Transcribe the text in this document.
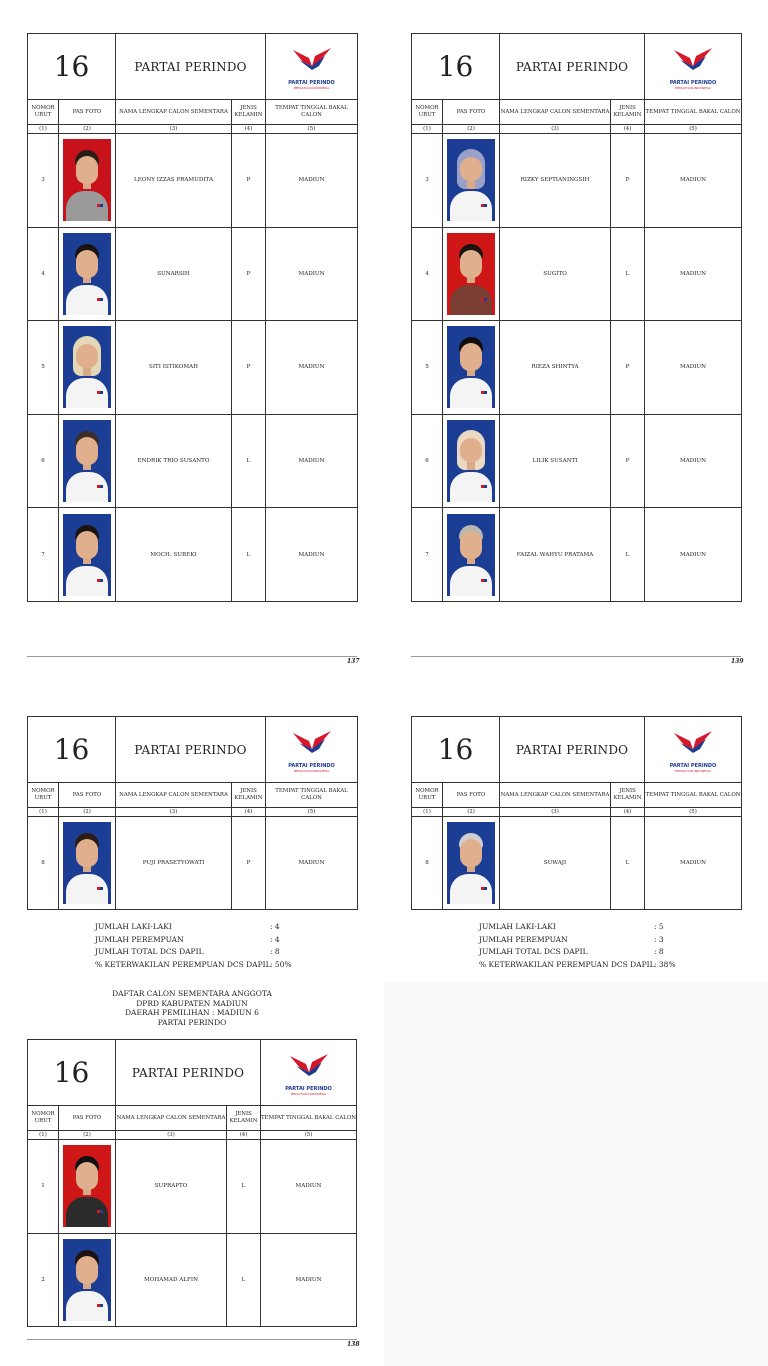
16		PARTAI PERINDO		PARTAI PERINDO
PERSATUAN INDONESIA

NOMOR URUT	PAS FOTO	NAMA LENGKAP CALON SEMENTARA	JENIS KELAMIN	TEMPAT TINGGAL BAKAL CALON
(1)	(2)	(3)	(4)	(5)
3		LEONY IZZAS PRAMUDITA	P	MADIUN
4		SUNARSIH	P	MADIUN
5		SITI ISTIKOMAH	P	MADIUN
6		ENDRIK TRIO SUSANTO	L	MADIUN
7		MOCH. SUBEKI	L	MADIUN
137
16		PARTAI PERINDO		PARTAI PERINDO
PERSATUAN INDONESIA

NOMOR URUT	PAS FOTO	NAMA LENGKAP CALON SEMENTARA	JENIS KELAMIN	TEMPAT TINGGAL BAKAL CALON
(1)	(2)	(3)	(4)	(5)
3		RIZKY SEPTIANINGSIH	P	MADIUN
4		SUGITO	L	MADIUN
5		RIEZA SHINTYA	P	MADIUN
6		LILIK SUSANTI	P	MADIUN
7		FAIZAL WAHYU PRATAMA	L	MADIUN
139
16		PARTAI PERINDO		PARTAI PERINDO
PERSATUAN INDONESIA

NOMOR URUT	PAS FOTO	NAMA LENGKAP CALON SEMENTARA	JENIS KELAMIN	TEMPAT TINGGAL BAKAL CALON
(1)	(2)	(3)	(4)	(5)
8		PUJI PRASETYOWATI	P	MADIUN
JUMLAH LAKI-LAKI	: 4
JUMLAH PEREMPUAN	: 4
JUMLAH TOTAL DCS DAPIL	: 8
% KETERWAKILAN PEREMPUAN DCS DAPIL : 50%
16		PARTAI PERINDO		PARTAI PERINDO
PERSATUAN INDONESIA

NOMOR URUT	PAS FOTO	NAMA LENGKAP CALON SEMENTARA	JENIS KELAMIN	TEMPAT TINGGAL BAKAL CALON
(1)	(2)	(3)	(4)	(5)
8		SUWAJI	L	MADIUN
JUMLAH LAKI-LAKI	: 5
JUMLAH PEREMPUAN	: 3
JUMLAH TOTAL DCS DAPIL	: 8
% KETERWAKILAN PEREMPUAN DCS DAPIL : 38%
DAFTAR CALON SEMENTARA ANGGOTA
DPRD KABUPATEN MADIUN
DAERAH PEMILIHAN : MADIUN 6
PARTAI PERINDO
16		PARTAI PERINDO		PARTAI PERINDO
PERSATUAN INDONESIA

NOMOR URUT	PAS FOTO	NAMA LENGKAP CALON SEMENTARA	JENIS KELAMIN	TEMPAT TINGGAL BAKAL CALON
(1)	(2)	(3)	(4)	(5)
1		SUPRAPTO	L	MADIUN
2		MOHAMAD ALFIN	L	MADIUN
138
